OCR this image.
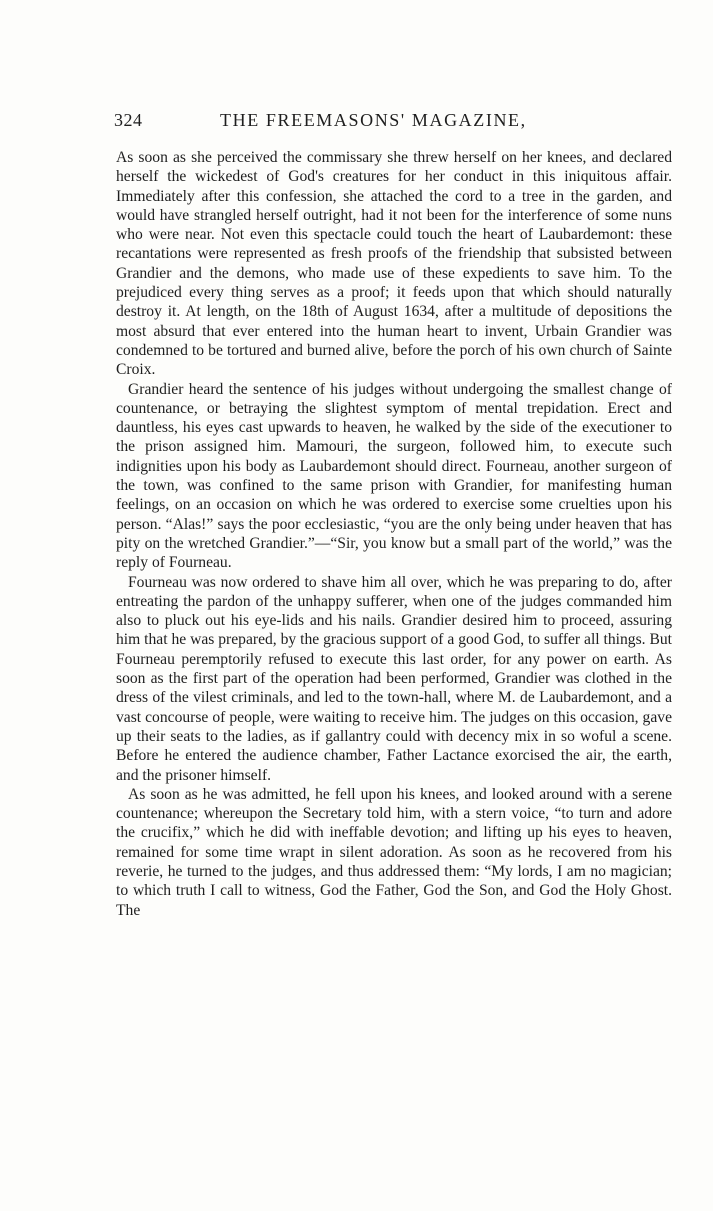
324	THE FREEMASONS' MAGAZINE,

As soon as she perceived the commissary she threw herself on her knees, and declared herself the wickedest of God's creatures for her conduct in this iniquitous affair. Immediately after this confession, she attached the cord to a tree in the garden, and would have strangled herself outright, had it not been for the interference of some nuns who were near. Not even this spectacle could touch the heart of Laubardemont: these recantations were represented as fresh proofs of the friendship that subsisted between Grandier and the demons, who made use of these expedients to save him. To the prejudiced every thing serves as a proof; it feeds upon that which should naturally destroy it. At length, on the 18th of August 1634, after a multitude of depositions the most absurd that ever entered into the human heart to invent, Urbain Grandier was condemned to be tortured and burned alive, before the porch of his own church of Sainte Croix.

Grandier heard the sentence of his judges without undergoing the smallest change of countenance, or betraying the slightest symptom of mental trepidation. Erect and dauntless, his eyes cast upwards to heaven, he walked by the side of the executioner to the prison assigned him. Mamouri, the surgeon, followed him, to execute such indignities upon his body as Laubardemont should direct. Fourneau, another surgeon of the town, was confined to the same prison with Grandier, for manifesting human feelings, on an occasion on which he was ordered to exercise some cruelties upon his person. “Alas!” says the poor ecclesiastic, “you are the only being under heaven that has pity on the wretched Grandier.”—“Sir, you know but a small part of the world,” was the reply of Fourneau.

Fourneau was now ordered to shave him all over, which he was preparing to do, after entreating the pardon of the unhappy sufferer, when one of the judges commanded him also to pluck out his eye-lids and his nails. Grandier desired him to proceed, assuring him that he was prepared, by the gracious support of a good God, to suffer all things. But Fourneau peremptorily refused to execute this last order, for any power on earth. As soon as the first part of the operation had been performed, Grandier was clothed in the dress of the vilest criminals, and led to the town-hall, where M. de Laubardemont, and a vast concourse of people, were waiting to receive him. The judges on this occasion, gave up their seats to the ladies, as if gallantry could with decency mix in so woful a scene. Before he entered the audience chamber, Father Lactance exorcised the air, the earth, and the prisoner himself.

As soon as he was admitted, he fell upon his knees, and looked around with a serene countenance; whereupon the Secretary told him, with a stern voice, “to turn and adore the crucifix,” which he did with ineffable devotion; and lifting up his eyes to heaven, remained for some time wrapt in silent adoration. As soon as he recovered from his reverie, he turned to the judges, and thus addressed them: “My lords, I am no magician; to which truth I call to witness, God the Father, God the Son, and God the Holy Ghost. The
